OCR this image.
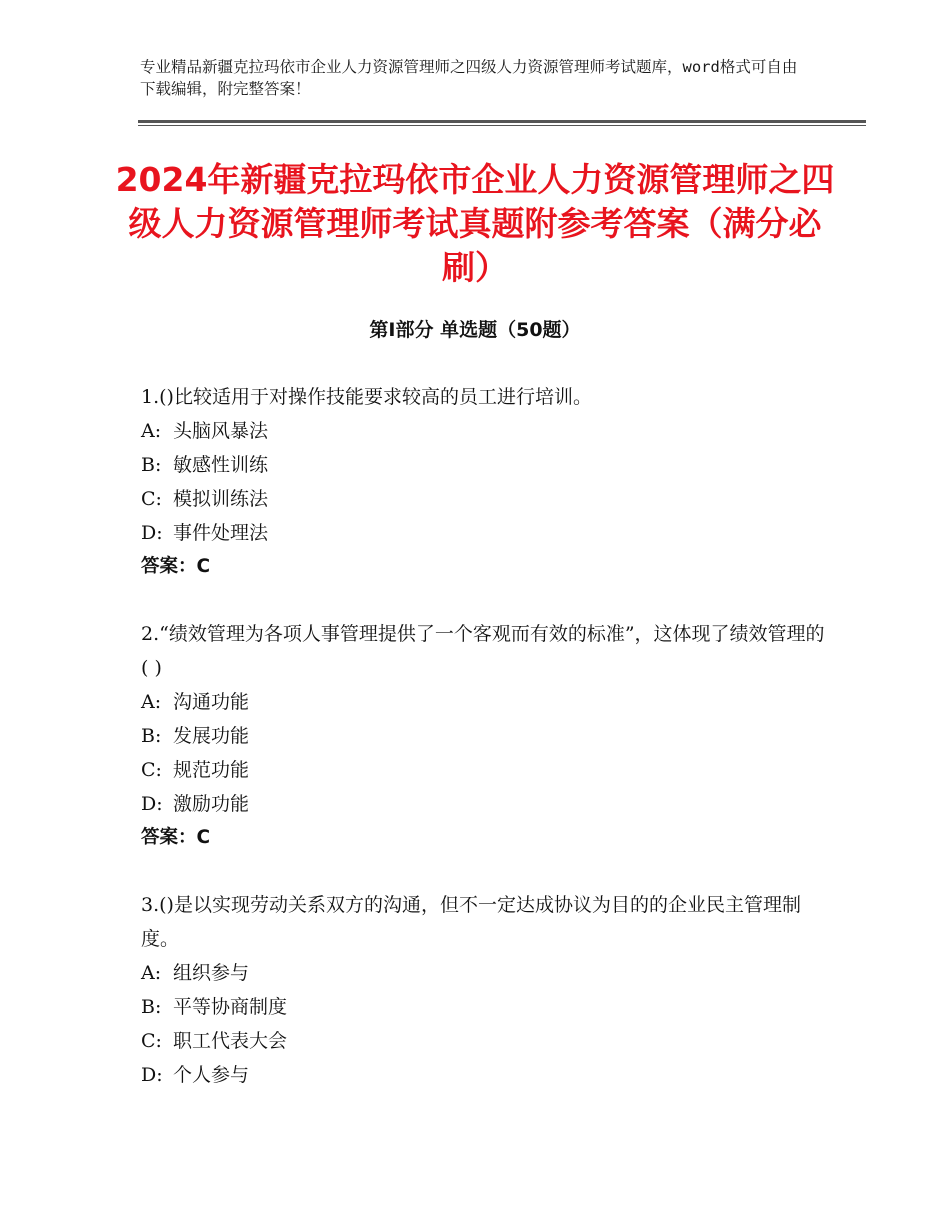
专业精品新疆克拉玛依市企业人力资源管理师之四级人力资源管理师考试题库，word格式可自由下载编辑，附完整答案！
2024年新疆克拉玛依市企业人力资源管理师之四级人力资源管理师考试真题附参考答案（满分必刷）
第Ⅰ部分 单选题（50题）

1.()比较适用于对操作技能要求较高的员工进行培训。

A: 头脑风暴法

B: 敏感性训练

C: 模拟训练法

D: 事件处理法

答案：C

2.“绩效管理为各项人事管理提供了一个客观而有效的标准”，这体现了绩效管理的( )

A: 沟通功能

B: 发展功能

C: 规范功能

D: 激励功能

答案：C

3.()是以实现劳动关系双方的沟通，但不一定达成协议为目的的企业民主管理制度。

A: 组织参与

B: 平等协商制度

C: 职工代表大会

D: 个人参与
